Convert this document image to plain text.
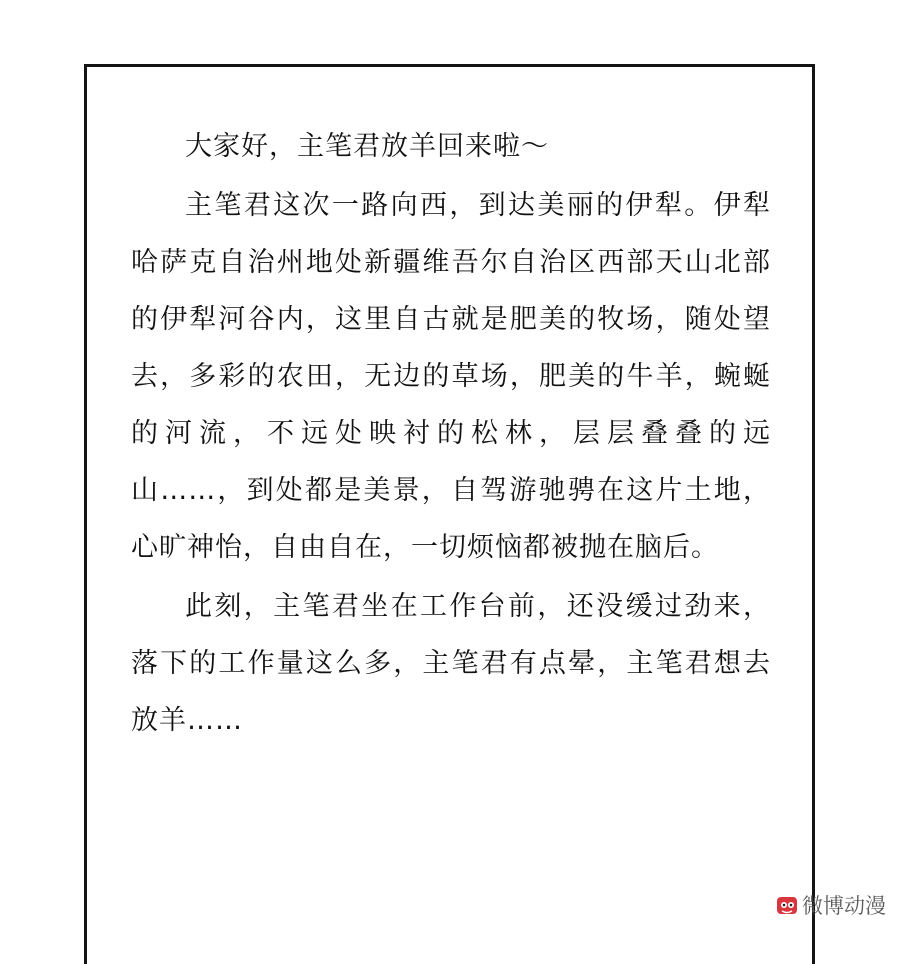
大家好，主笔君放羊回来啦～

主笔君这次一路向西，到达美丽的伊犁。伊犁哈萨克自治州地处新疆维吾尔自治区西部天山北部的伊犁河谷内，这里自古就是肥美的牧场，随处望去，多彩的农田，无边的草场，肥美的牛羊，蜿蜒的河流，不远处映衬的松林，层层叠叠的远山……，到处都是美景，自驾游驰骋在这片土地，心旷神怡，自由自在，一切烦恼都被抛在脑后。

此刻，主笔君坐在工作台前，还没缓过劲来，落下的工作量这么多，主笔君有点晕，主笔君想去放羊……

微博动漫
